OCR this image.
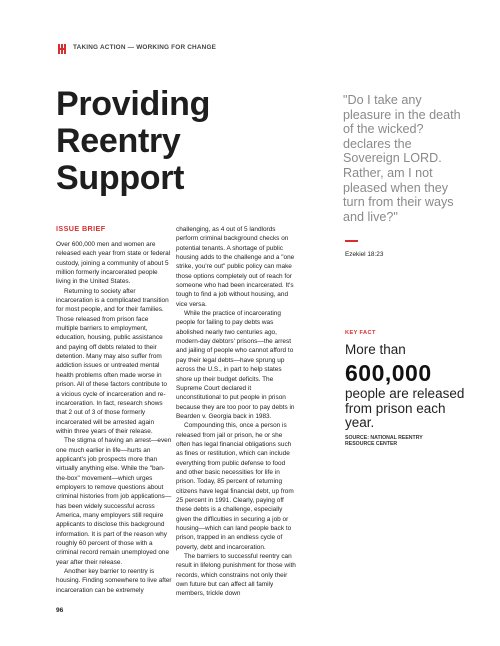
TAKING ACTION — WORKING FOR CHANGE
Providing
Reentry
Support
ISSUE BRIEF

Over 600,000 men and women are released each year from state or federal custody, joining a community of about 5 million formerly incarcerated people living in the United States.

Returning to society after incarceration is a complicated transition for most people, and for their families. Those released from prison face multiple barriers to employment, education, housing, public assistance and paying off debts related to their detention. Many may also suffer from addiction issues or untreated mental health problems often made worse in prison. All of these factors contribute to a vicious cycle of incarceration and re-incarceration. In fact, research shows that 2 out of 3 of those formerly incarcerated will be arrested again within three years of their release.

The stigma of having an arrest—even one much earlier in life—hurts an applicant's job prospects more than virtually anything else. While the "ban-the-box" movement—which urges employers to remove questions about criminal histories from job applications—has been widely successful across America, many employers still require applicants to disclose this background information. It is part of the reason why roughly 60 percent of those with a criminal record remain unemployed one year after their release.

Another key barrier to reentry is housing. Finding somewhere to live after incarceration can be extremely

challenging, as 4 out of 5 landlords perform criminal background checks on potential tenants. A shortage of public housing adds to the challenge and a "one strike, you're out" public policy can make those options completely out of reach for someone who had been incarcerated. It's tough to find a job without housing, and vice versa.

While the practice of incarcerating people for failing to pay debts was abolished nearly two centuries ago, modern-day debtors' prisons—the arrest and jailing of people who cannot afford to pay their legal debts—have sprung up across the U.S., in part to help states shore up their budget deficits. The Supreme Court declared it unconstitutional to put people in prison because they are too poor to pay debts in Bearden v. Georgia back in 1983.

Compounding this, once a person is released from jail or prison, he or she often has legal financial obligations such as fines or restitution, which can include everything from public defense to food and other basic necessities for life in prison. Today, 85 percent of returning citizens have legal financial debt, up from 25 percent in 1991. Clearly, paying off these debts is a challenge, especially given the difficulties in securing a job or housing—which can land people back to prison, trapped in an endless cycle of poverty, debt and incarceration.

The barriers to successful reentry can result in lifelong punishment for those with records, which constrains not only their own future but can affect all family members, trickle down

"Do I take any pleasure in the death of the wicked? declares the Sovereign LORD. Rather, am I not pleased when they turn from their ways and live?"

Ezekiel 18:23
KEY FACT
More than
600,000
people are released from prison each year.
SOURCE: NATIONAL REENTRY RESOURCE CENTER
96
